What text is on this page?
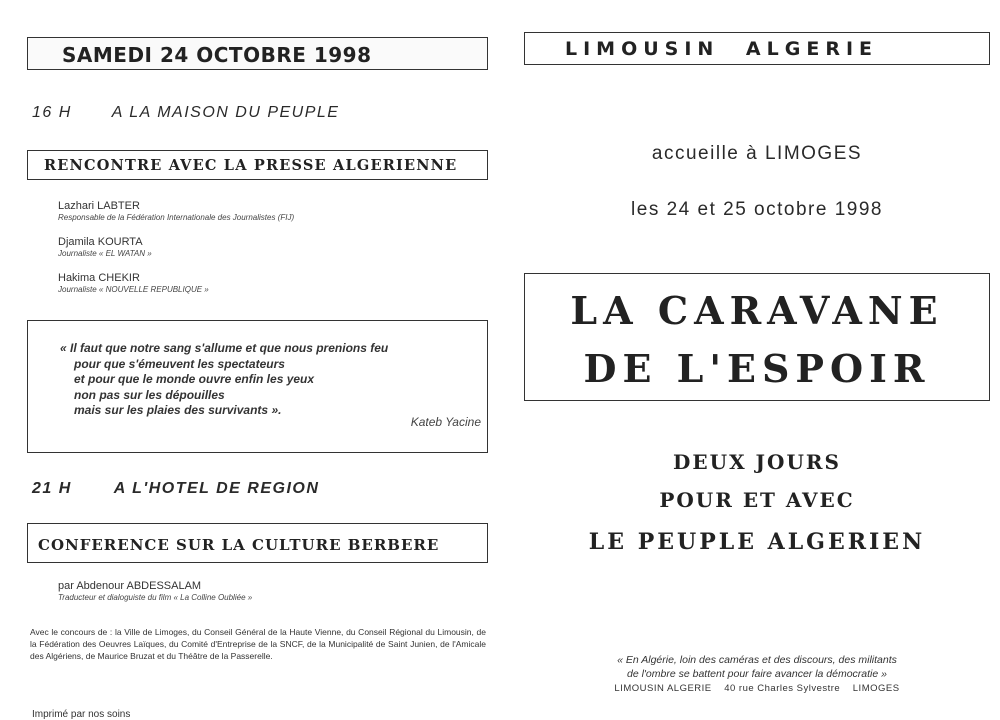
SAMEDI 24 OCTOBRE 1998
16 H A LA MAISON DU PEUPLE
RENCONTRE AVEC LA PRESSE ALGERIENNE
Lazhari LABTER
Responsable de la Fédération Internationale des Journalistes (FIJ)
Djamila KOURTA
Journaliste « EL WATAN »
Hakima CHEKIR
Journaliste « NOUVELLE REPUBLIQUE »
« Il faut que notre sang s'allume et que nous prenions feu
pour que s'émeuvent les spectateurs
et pour que le monde ouvre enfin les yeux
non pas sur les dépouilles
mais sur les plaies des survivants ».
Kateb Yacine
21 H	A L'HOTEL DE REGION
CONFERENCE SUR LA CULTURE BERBERE
par Abdenour ABDESSALAM
Traducteur et dialoguiste du film « La Colline Oubliée »
Avec le concours de : la Ville de Limoges, du Conseil Général de la Haute Vienne, du Conseil Régional du Limousin, de la Fédération des Oeuvres Laïques, du Comité d'Entreprise de la SNCF, de la Municipalité de Saint Junien, de l'Amicale des Algériens, de Maurice Bruzat et du Théâtre de la Passerelle.
Imprimé par nos soins
LIMOUSIN ALGERIE
accueille à LIMOGES
les 24 et 25 octobre 1998
LA CARAVANE
DE L'ESPOIR
DEUX JOURS
POUR ET AVEC
LE PEUPLE ALGERIEN
« En Algérie, loin des caméras et des discours, des militants
de l'ombre se battent pour faire avancer la démocratie »
LIMOUSIN ALGERIE    40 rue Charles Sylvestre    LIMOGES
